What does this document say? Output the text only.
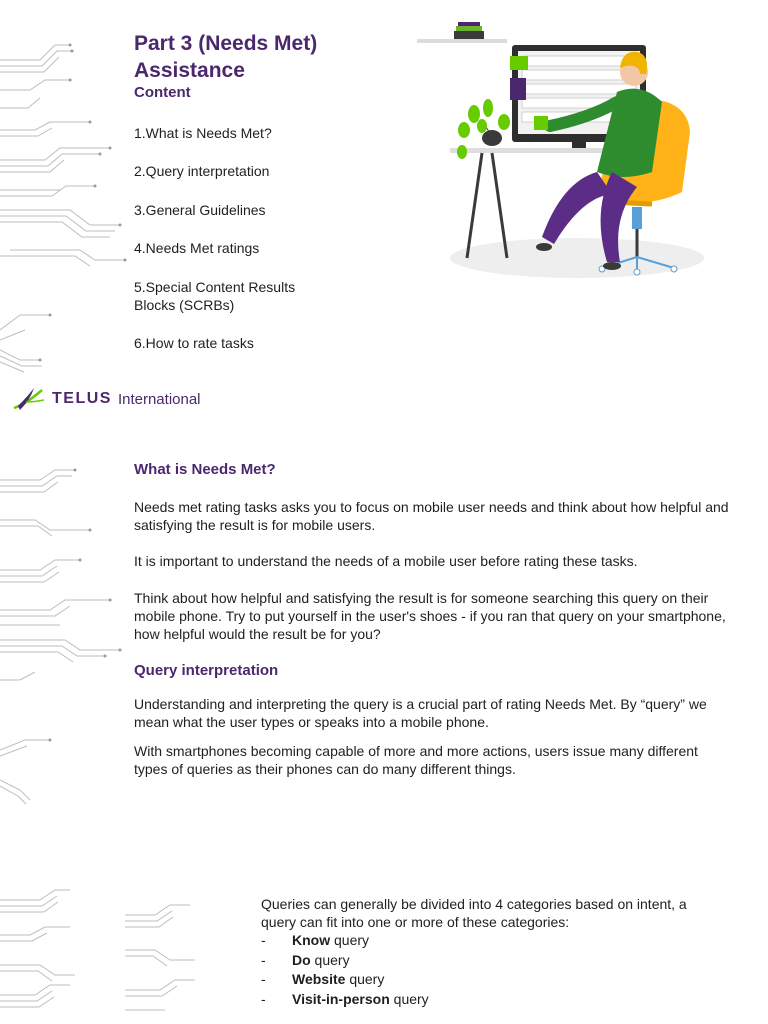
Part 3 (Needs Met)
Assistance
Content
1.What is Needs Met?
2.Query interpretation
3.General Guidelines
4.Needs Met ratings
5.Special Content Results Blocks (SCRBs)
6.How to rate tasks
TELUS International
What is Needs Met?

Needs met rating tasks asks you to focus on mobile user needs and think about how helpful and satisfying the result is for mobile users.

It is important to understand the needs of a mobile user before rating these tasks.

Think about how helpful and satisfying the result is for someone searching this query on their mobile phone. Try to put yourself in the user's shoes - if you ran that query on your smartphone, how helpful would the result be for you?

Query interpretation

Understanding and interpreting the query is a crucial part of rating Needs Met. By “query” we mean what the user types or speaks into a mobile phone.

With smartphones becoming capable of more and more actions, users issue many different types of queries as their phones can do many different things.

Queries can generally be divided into 4 categories based on intent, a query can fit into one or more of these categories:

-	Know query
-	Do query
-	Website query
-	Visit-in-person query
